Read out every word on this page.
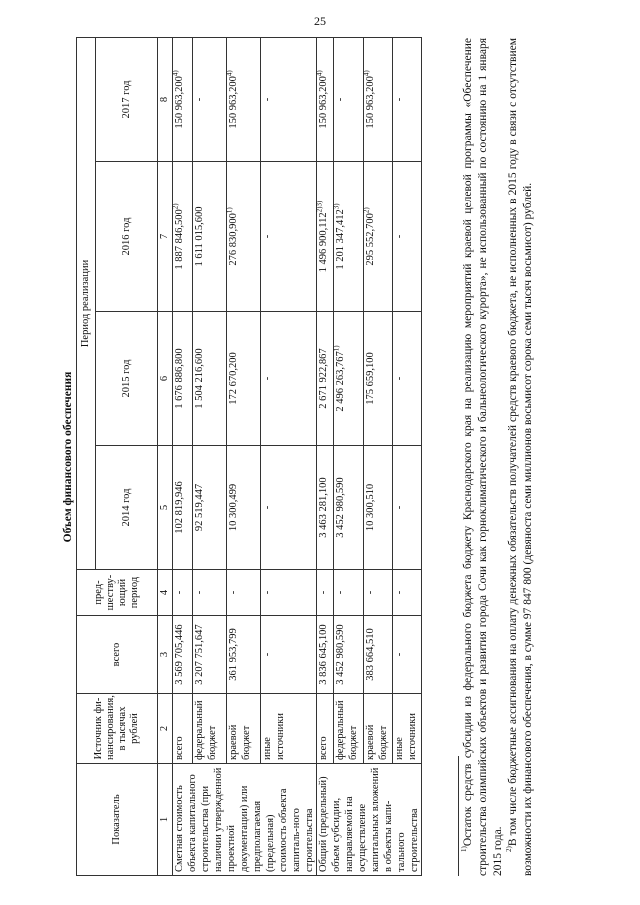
25
Объем финансового обеспечения
Показатель	Источник фи-нансирования, в тысячах рублей	всего	пред-шеству-ющий период	Период реализации			
				2014 год	2015 год	2016 год	2017 год
1	2	3	4	5	6	7	8
Сметная стоимость объекта капитального строительства (при наличии утвержденной проектной документации) или предполагаемая (предельная) стоимость объекта капиталь-ного строительства	всего	3 569 705,446	-	102 819,946	1 676 886,800	1 887 846,500$^{2)}$	150 963,200$^{4)}$
	федеральный бюджет	3 207 751,647	-	92 519,447	1 504 216,600	1 611 015,600	-
	краевой бюджет	361 953,799	-	10 300,499	172 670,200	276 830,900$^{1)}$	150 963,200$^{4)}$
	иные источники	-	-	-	-	-	-
Общий (предельный) объем субсидии, направляемой на осуществление капитальных вложений в объекты капи-тального строительства	всего	3 836 645,100	-	3 463 281,100	2 671 922,867	1 496 $900,112^{2)3)}$	150 963,200$^{4)}$
	федеральный бюджет	3 452 980,590	-	3 452 980,590	2 496 263,767$^{1)}$	1 201 347,412$^{3)}$	-
	краевой бюджет	383 664,510	-	10 300,510	175 659,100	295 552,700$^{2)}$	150 963,200$^{4)}$
	иные источники	-	-	-	-	-	-

$^{1)}$Остаток средств субсидии из федерального бюджета бюджету Краснодарского края на реализацию мероприятий краевой целевой программы «Обеспечение строительства олимпийских объектов и развития города Сочи как горноклиматического и бальнеологического курорта», не использованный по состоянию на 1 января 2015 года. $^{2)}$В том числе бюджетные ассигнования на оплату денежных обязательств получателей средств краевого бюджета, не исполненных в 2015 году в связи с отсутствием возможности их финансового обеспечения, в сумме 97 847 800 (девяноста семи миллионов восьмисот сорока семи тысяч восьмисот) рублей.
